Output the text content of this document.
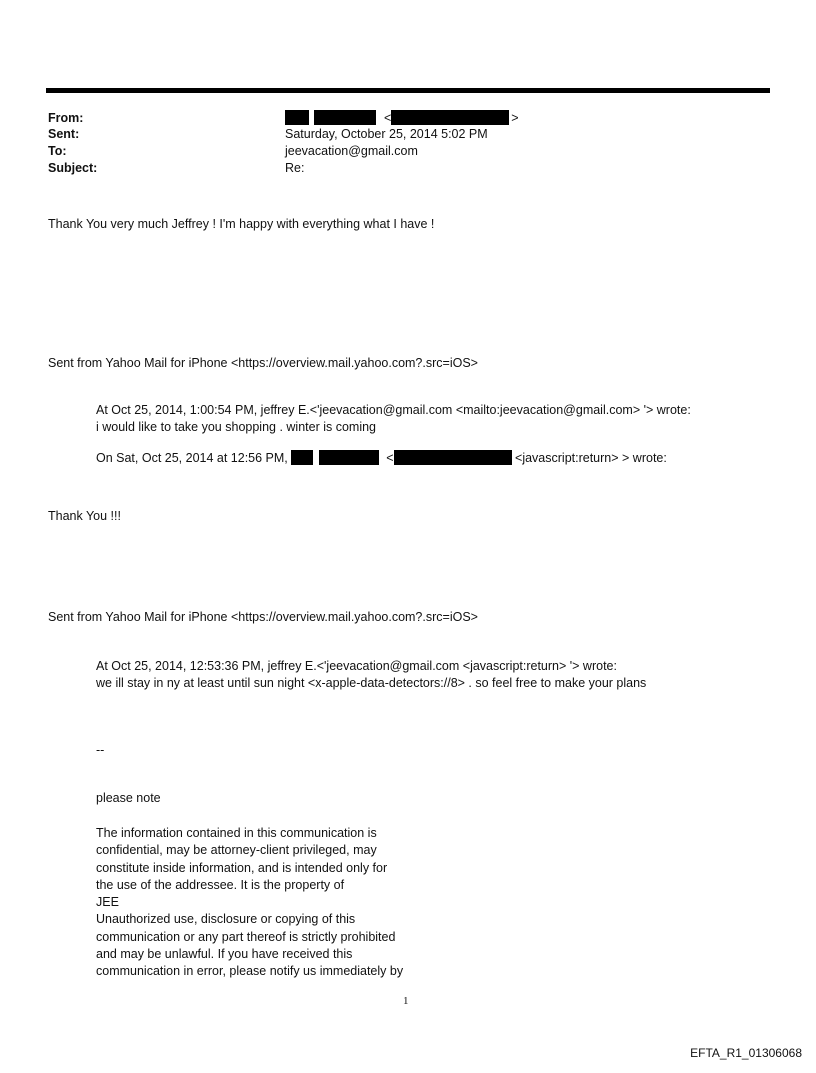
From:	<	>
Sent:	Saturday, October 25, 2014 5:02 PM
To:	jeevacation@gmail.com
Subject:	Re:
Thank You very much Jeffrey ! I'm happy with everything what I have !
Sent from Yahoo Mail for iPhone <https://overview.mail.yahoo.com?.src=iOS>
At Oct 25, 2014, 1:00:54 PM, jeffrey E.<'jeevacation@gmail.com <mailto:jeevacation@gmail.com> '> wrote:
i would like to take you shopping . winter is coming
On Sat, Oct 25, 2014 at 12:56 PM,	<	<javascript:return> > wrote:
Thank You !!!
Sent from Yahoo Mail for iPhone <https://overview.mail.yahoo.com?.src=iOS>
At Oct 25, 2014, 12:53:36 PM, jeffrey E.<'jeevacation@gmail.com <javascript:return> '> wrote:
we ill stay in ny at least until sun night <x-apple-data-detectors://8> . so feel free to make your plans
--
please note
The information contained in this communication is
confidential, may be attorney-client privileged, may
constitute inside information, and is intended only for
the use of the addressee. It is the property of
JEE
Unauthorized use, disclosure or copying of this
communication or any part thereof is strictly prohibited
and may be unlawful. If you have received this
communication in error, please notify us immediately by
1
EFTA_R1_01306068
